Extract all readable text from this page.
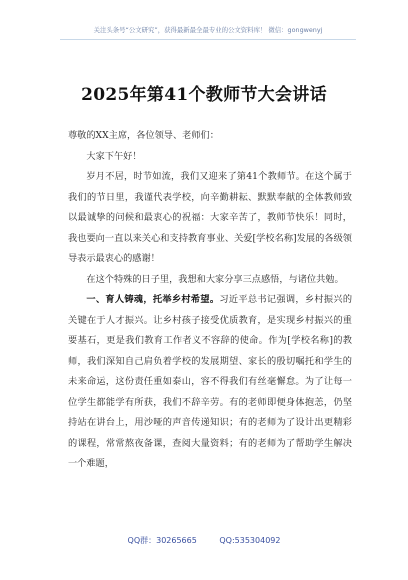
关注头条号“公文研究”，获得最新最全最专业的公文资料库！ 微信：gongwenyj
2025年第41个教师节大会讲话

尊敬的XX主席，各位领导、老师们：

大家下午好！

岁月不居，时节如流，我们又迎来了第41个教师节。在这个属于我们的节日里，我谨代表学校，向辛勤耕耘、默默奉献的全体教师致以最诚挚的问候和最衷心的祝福：大家辛苦了，教师节快乐！同时，我也要向一直以来关心和支持教育事业、关爱[学校名称]发展的各级领导表示最衷心的感谢！

在这个特殊的日子里，我想和大家分享三点感悟，与诸位共勉。

一、育人铸魂，托举乡村希望。习近平总书记强调，乡村振兴的关键在于人才振兴。让乡村孩子接受优质教育，是实现乡村振兴的重要基石，更是我们教育工作者义不容辞的使命。作为[学校名称]的教师，我们深知自己肩负着学校的发展期望、家长的殷切嘱托和学生的未来命运，这份责任重如泰山，容不得我们有丝毫懈怠。为了让每一位学生都能学有所获，我们不辞辛劳。有的老师即便身体抱恙，仍坚持站在讲台上，用沙哑的声音传递知识；有的老师为了设计出更精彩的课程，常常熬夜备课，查阅大量资料；有的老师为了帮助学生解决一个难题，

QQ群：30265665	QQ:535304092
